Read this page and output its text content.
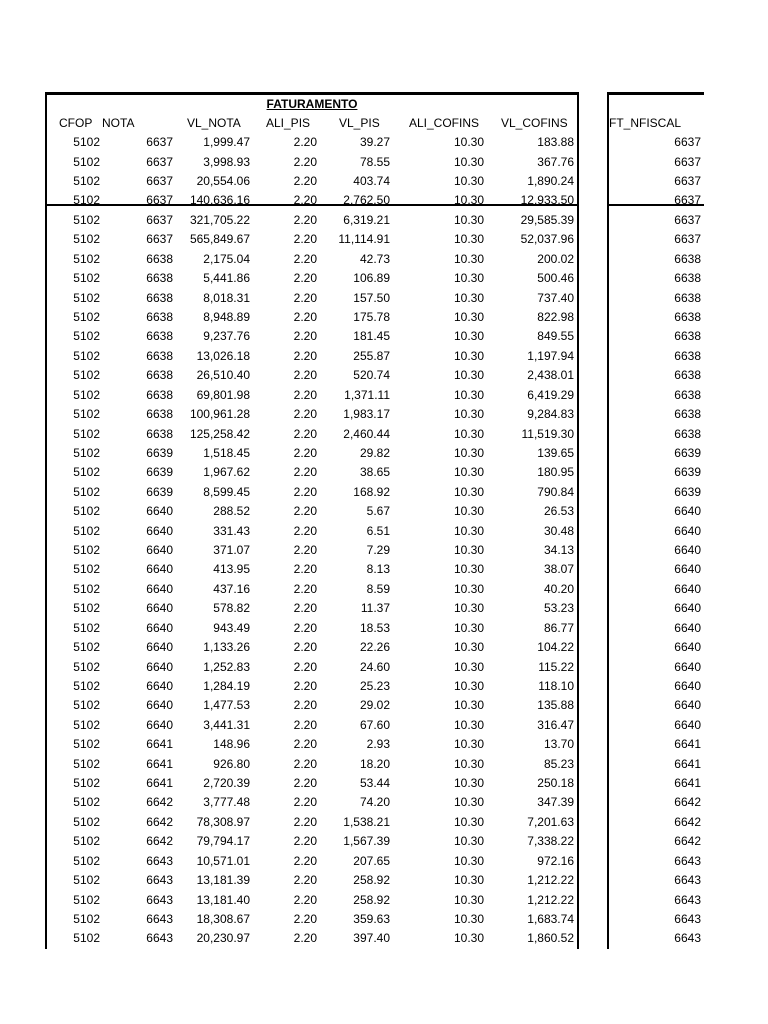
FATURAMENTO
CFOP NOTA	VL_NOTA ALI_PIS VL_PIS ALI_COFINS VL_COFINS	FT_NFISCAL
5102	6637	1,999.47	2.20	39.27	10.30	183.88	6637
5102	6637	3,998.93	2.20	78.55	10.30	367.76	6637
5102	6637 20,554.06	2.20	403.74	10.30	1,890.24	6637
5102	6637 140,636.16	2.20 2,762.50	10.30	12,933.50	6637
5102	6637 321,705.22	2.20 6,319.21	10.30	29,585.39	6637
5102	6637 565,849.67	2.20 11,114.91	10.30	52,037.96	6637
5102	6638	2,175.04	2.20	42.73	10.30	200.02	6638
5102	6638	5,441.86	2.20	106.89	10.30	500.46	6638
5102	6638	8,018.31	2.20	157.50	10.30	737.40	6638
5102	6638	8,948.89	2.20	175.78	10.30	822.98	6638
5102	6638	9,237.76	2.20	181.45	10.30	849.55	6638
5102	6638 13,026.18	2.20	255.87	10.30	1,197.94	6638
5102	6638 26,510.40	2.20	520.74	10.30	2,438.01	6638
5102	6638 69,801.98	2.20 1,371.11	10.30	6,419.29	6638
5102	6638 100,961.28	2.20 1,983.17	10.30	9,284.83	6638
5102	6638 125,258.42	2.20 2,460.44	10.30	11,519.30	6638
5102	6639	1,518.45	2.20	29.82	10.30	139.65	6639
5102	6639	1,967.62	2.20	38.65	10.30	180.95	6639
5102	6639	8,599.45	2.20	168.92	10.30	790.84	6639
5102	6640	288.52	2.20	5.67	10.30	26.53	6640
5102	6640	331.43	2.20	6.51	10.30	30.48	6640
5102	6640	371.07	2.20	7.29	10.30	34.13	6640
5102	6640	413.95	2.20	8.13	10.30	38.07	6640
5102	6640	437.16	2.20	8.59	10.30	40.20	6640
5102	6640	578.82	2.20	11.37	10.30	53.23	6640
5102	6640	943.49	2.20	18.53	10.30	86.77	6640
5102	6640	1,133.26	2.20	22.26	10.30	104.22	6640
5102	6640	1,252.83	2.20	24.60	10.30	115.22	6640
5102	6640	1,284.19	2.20	25.23	10.30	118.10	6640
5102	6640	1,477.53	2.20	29.02	10.30	135.88	6640
5102	6640	3,441.31	2.20	67.60	10.30	316.47	6640
5102	6641	148.96	2.20	2.93	10.30	13.70	6641
5102	6641	926.80	2.20	18.20	10.30	85.23	6641
5102	6641	2,720.39	2.20	53.44	10.30	250.18	6641
5102	6642	3,777.48	2.20	74.20	10.30	347.39	6642
5102	6642 78,308.97	2.20 1,538.21	10.30	7,201.63	6642
5102	6642 79,794.17	2.20 1,567.39	10.30	7,338.22	6642
5102	6643 10,571.01	2.20	207.65	10.30	972.16	6643
5102	6643 13,181.39	2.20	258.92	10.30	1,212.22	6643
5102	6643 13,181.40	2.20	258.92	10.30	1,212.22	6643
5102	6643 18,308.67	2.20	359.63	10.30	1,683.74	6643
5102	6643 20,230.97	2.20	397.40	10.30	1,860.52	6643
